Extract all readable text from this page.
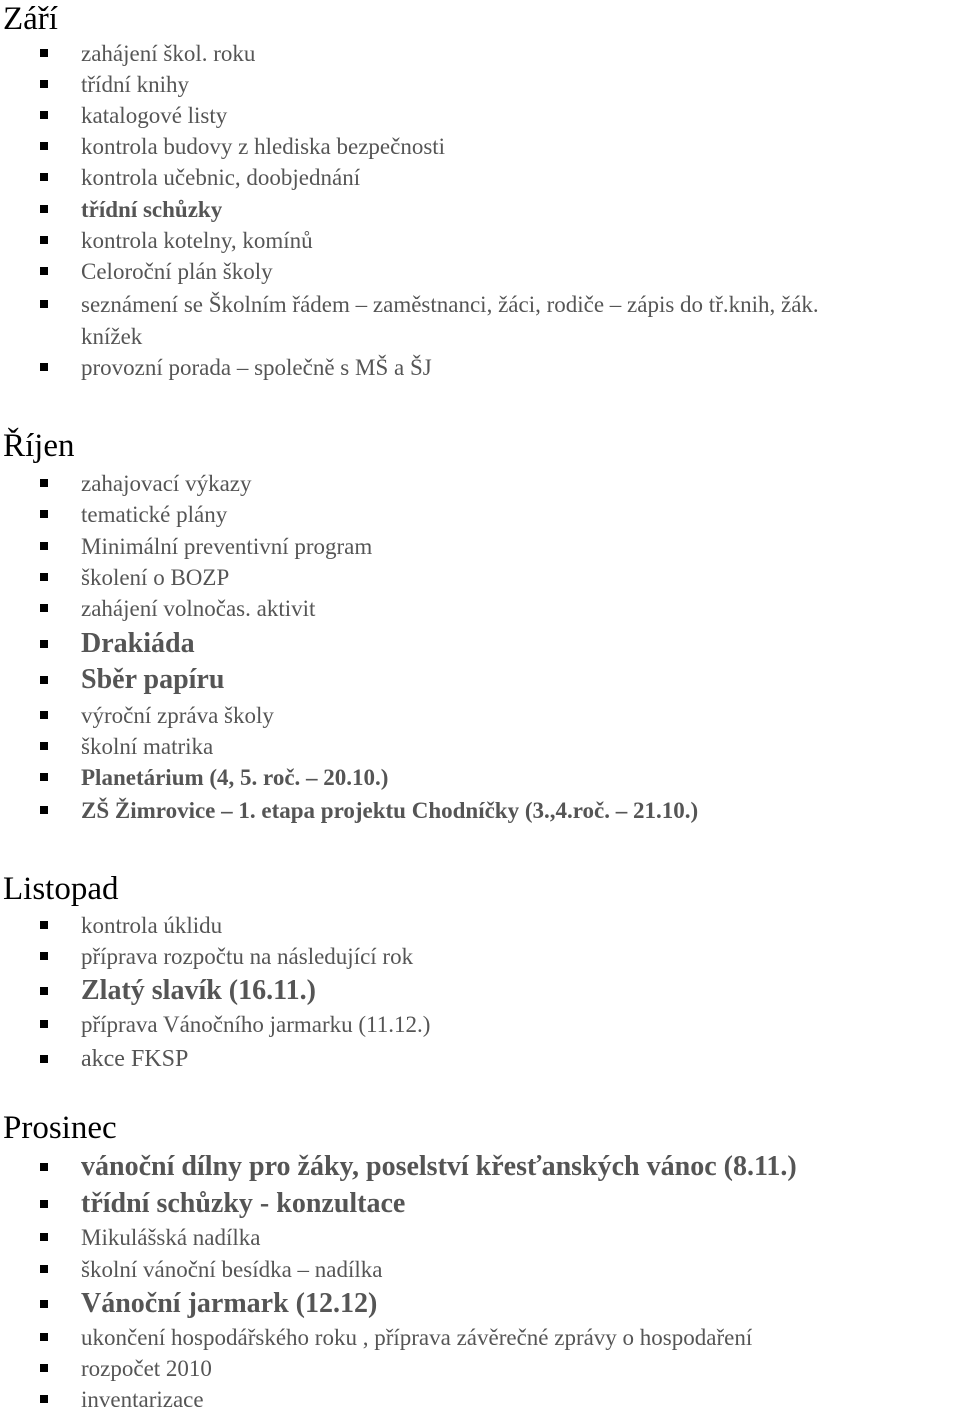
Září
zahájení škol. roku
třídní knihy
katalogové listy
kontrola budovy z hlediska bezpečnosti
kontrola učebnic, doobjednání
třídní schůzky
kontrola kotelny, komínů
Celoroční plán školy
seznámení se Školním řádem – zaměstnanci, žáci, rodiče – zápis do tř.knih, žák.
knížek
provozní porada – společně s MŠ a ŠJ
Říjen
zahajovací výkazy
tematické plány
Minimální preventivní program
školení o BOZP
zahájení volnočas. aktivit
Drakiáda
Sběr papíru
výroční zpráva školy
školní matrika
Planetárium (4, 5. roč. – 20.10.)
ZŠ Žimrovice – 1. etapa projektu Chodníčky (3.,4.roč. – 21.10.)
Listopad
kontrola úklidu
příprava rozpočtu na následující rok
Zlatý slavík (16.11.)
příprava Vánočního jarmarku (11.12.)
akce FKSP
Prosinec
vánoční dílny pro žáky, poselství křesťanských vánoc (8.11.)
třídní schůzky - konzultace
Mikulášská nadílka
školní vánoční besídka – nadílka
Vánoční jarmark (12.12)
ukončení hospodářského roku , příprava závěrečné zprávy o hospodaření
rozpočet 2010
inventarizace
